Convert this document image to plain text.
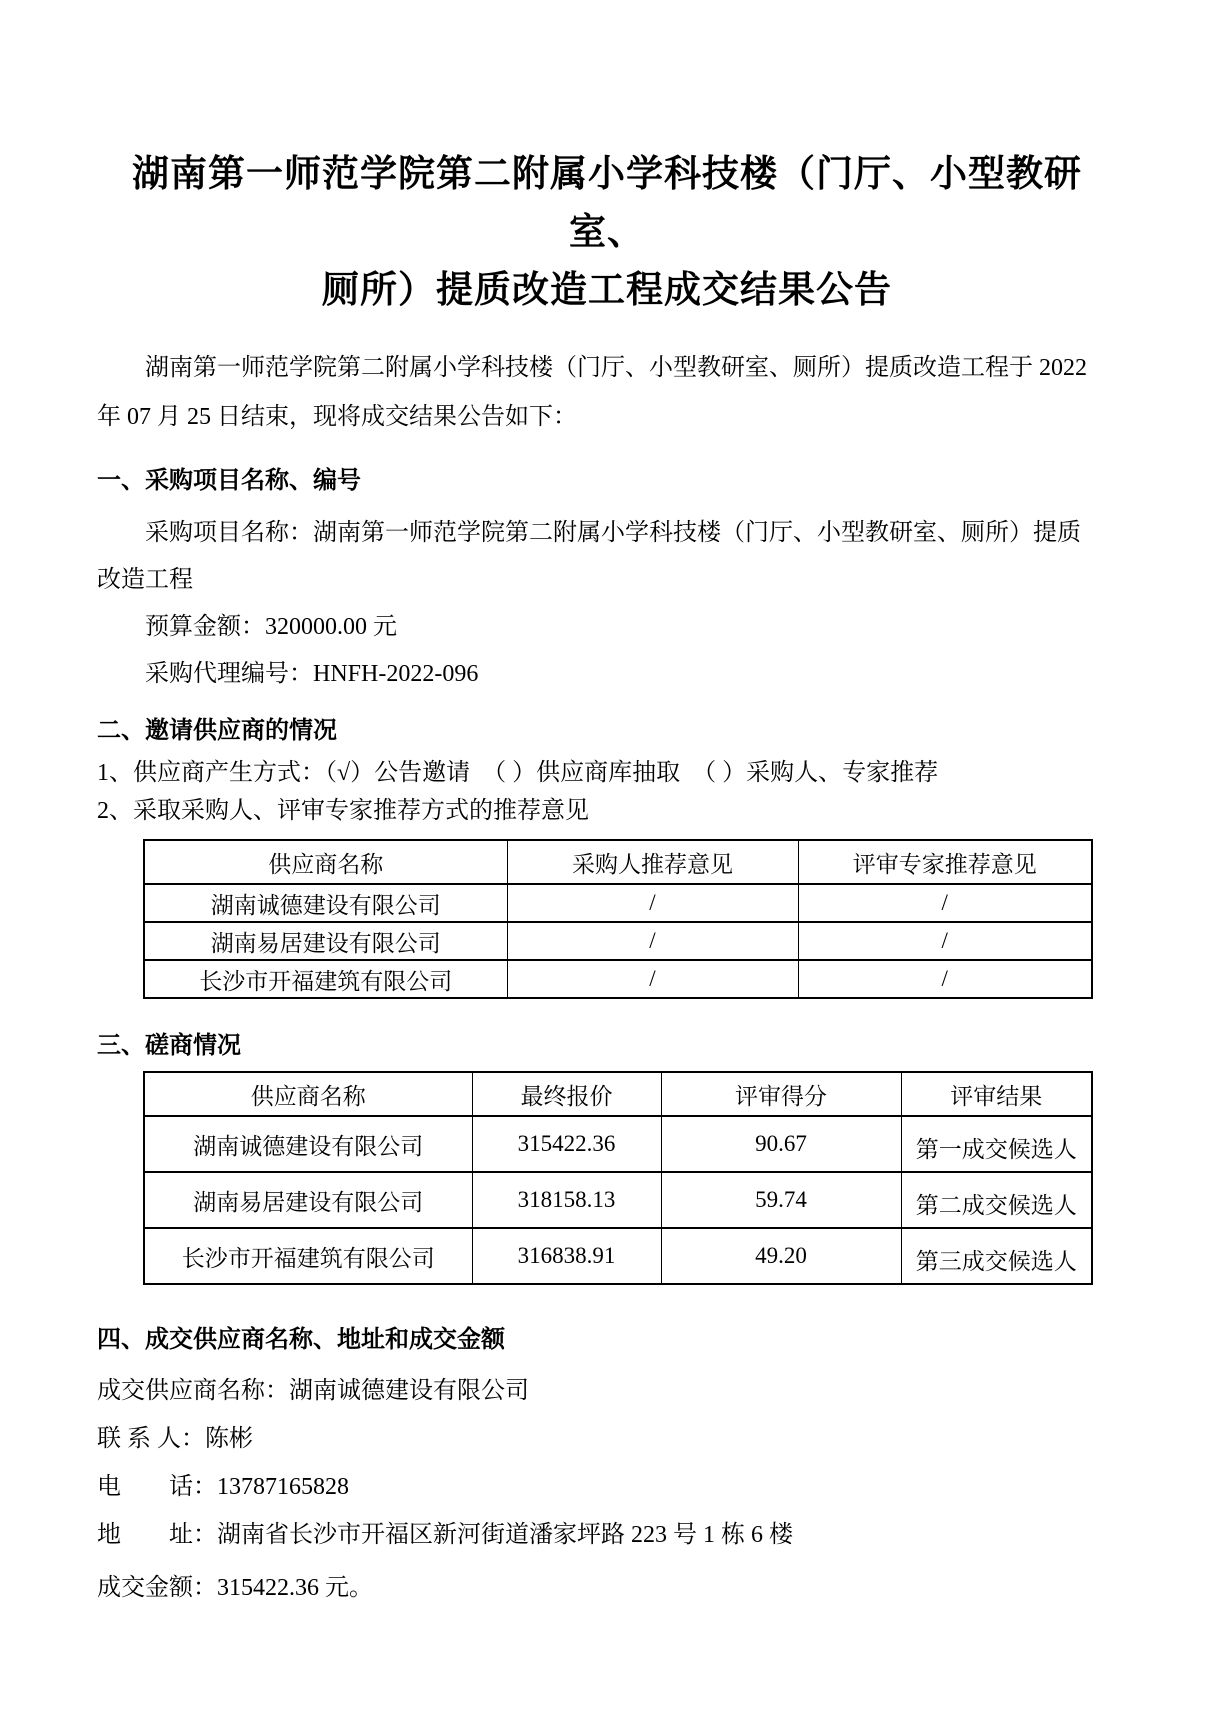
湖南第一师范学院第二附属小学科技楼（门厅、小型教研室、
厕所）提质改造工程成交结果公告
湖南第一师范学院第二附属小学科技楼（门厅、小型教研室、厕所）提质改造工程于 2022
年 07 月 25 日结束，现将成交结果公告如下：
一、采购项目名称、编号
采购项目名称：湖南第一师范学院第二附属小学科技楼（门厅、小型教研室、厕所）提质
改造工程
预算金额：320000.00 元
采购代理编号：HNFH-2022-096
二、邀请供应商的情况
1、供应商产生方式：（√）公告邀请  （ ）供应商库抽取  （ ）采购人、专家推荐
2、采取采购人、评审专家推荐方式的推荐意见
供应商名称	采购人推荐意见	评审专家推荐意见
湖南诚德建设有限公司	/	/
湖南易居建设有限公司	/	/
长沙市开福建筑有限公司	/	/
三、磋商情况
供应商名称	最终报价	评审得分	评审结果
湖南诚德建设有限公司	315422.36	90.67	第一成交候选人
湖南易居建设有限公司	318158.13	59.74	第二成交候选人
长沙市开福建筑有限公司	316838.91	49.20	第三成交候选人
四、成交供应商名称、地址和成交金额
成交供应商名称：湖南诚德建设有限公司
联 系 人：陈彬
电　　话：13787165828
地　　址：湖南省长沙市开福区新河街道潘家坪路 223 号 1 栋 6 楼
成交金额：315422.36 元。
